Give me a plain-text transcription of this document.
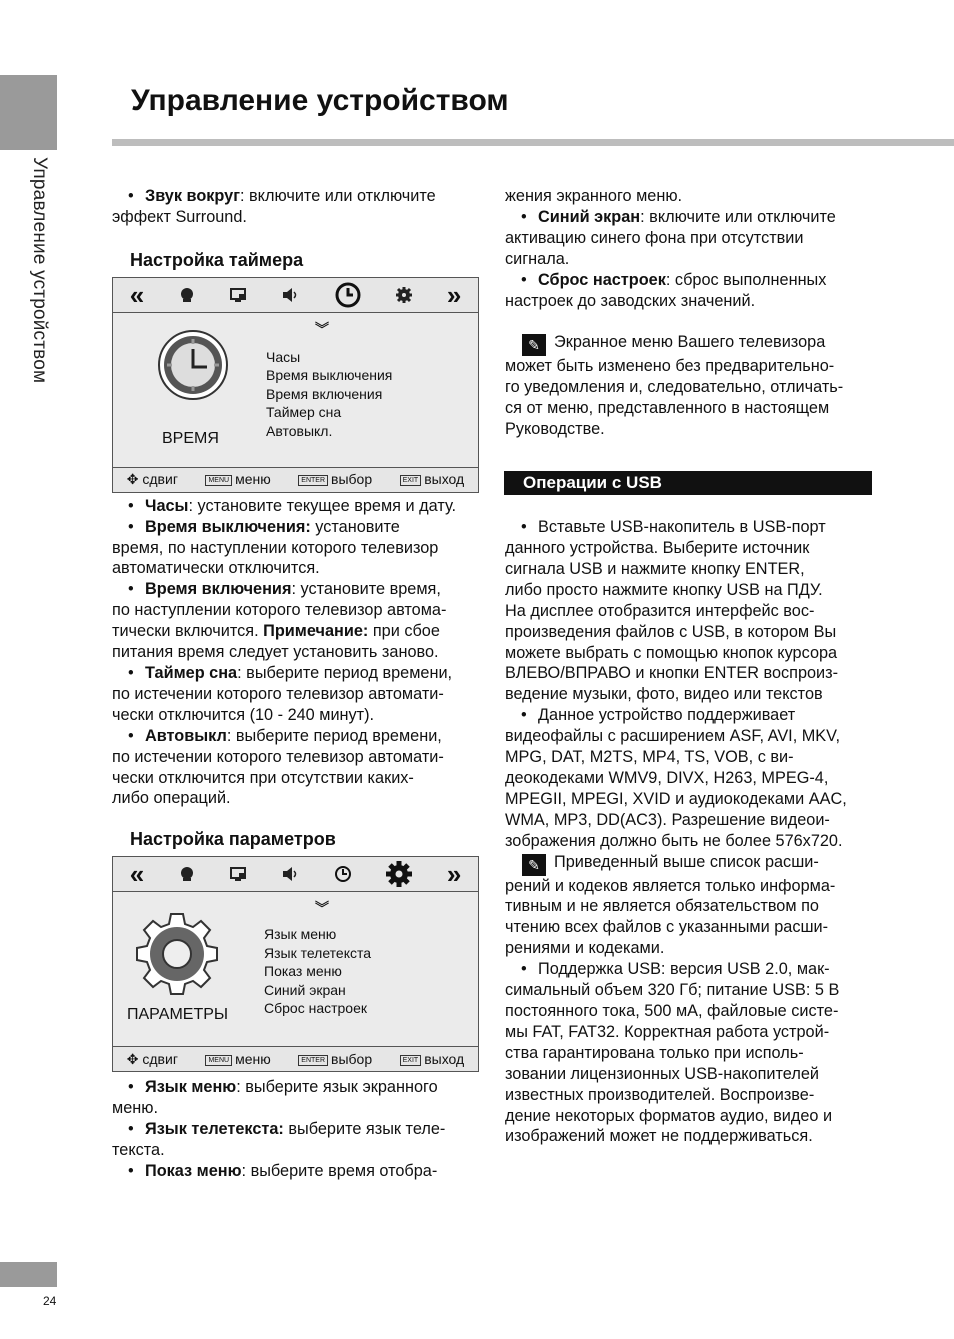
Управление устройством
Управление устройством
24

• Звук вокруг: включите или отключите

эффект Surround.

Настройка таймера

«	»
︾
ВРЕМЯ
Часы
Время выключения
Время включения
Таймер сна
Автовыкл.
✥ сдвиг	MENU меню	ENTER выбор	EXIT выход

• Часы: установите текущее время и дату.

• Время выключения: установите

время, по наступлении которого телевизор

автоматически отключится.

• Время включения: установите время,

по наступлении которого телевизор автома-

тически включится. Примечание: при сбое

питания время следует установить заново.

• Таймер сна: выберите период времени,

по истечении которого телевизор автомати-

чески отключится (10 - 240 минут).

• Автовыкл: выберите период времени,

по истечении которого телевизор автомати-

чески отключится при отсутствии каких-

либо операций.

Настройка параметров

«	»
︾
ПАРАМЕТРЫ
Язык меню
Язык телетекста
Показ меню
Синий экран
Сброс настроек
✥ сдвиг	MENU меню	ENTER выбор	EXIT выход

• Язык меню: выберите язык экранного

меню.

• Язык телетекста: выберите язык теле-

текста.

• Показ меню: выберите время отобра-

жения экранного меню.

• Синий экран: включите или отключите

активацию синего фона при отсутствии

сигнала.

• Сброс настроек: сброс выполненных

настроек до заводских значений.

✎ Экранное меню Вашего телевизора

может быть изменено без предварительно-

го уведомления и, следовательно, отличать-

ся от меню, представленного в настоящем

Руководстве.

Операции с USB

• Вставьте USB-накопитель в USB-порт

данного устройства. Выберите источник

сигнала USB и нажмите кнопку ENTER,

либо просто нажмите кнопку USB на ПДУ.

На дисплее отобразится интерфейс вос-

произведения файлов с USB, в котором Вы

можете выбрать с помощью кнопок курсора

ВЛЕВО/ВПРАВО и кнопки ENTER воспроиз-

ведение музыки, фото, видео или текстов

• Данное устройство поддерживает

видеофайлы с расширением ASF, AVI, MKV,

MPG, DAT, M2TS, MP4, TS, VOB, с ви-

деокодеками WMV9, DIVX, H263, MPEG-4,

MPEGII, MPEGI, XVID и аудиокодеками AAC,

WMA, MP3, DD(AC3). Разрешение видеои-

зображения должно быть не более 576x720.

✎ Приведенный выше список расши-

рений и кодеков является только информа-

тивным и не является обязательством по

чтению всех файлов с указанными расши-

рениями и кодеками.

• Поддержка USB: версия USB 2.0, мак-

симальный объем 320 Гб; питание USB: 5 В

постоянного тока, 500 мА, файловые систе-

мы FAT, FAT32. Корректная работа устрой-

ства гарантирована только при исполь-

зовании лицензионных USB-накопителей

известных производителей. Воспроизве-

дение некоторых форматов аудио, видео и

изображений может не поддерживаться.
